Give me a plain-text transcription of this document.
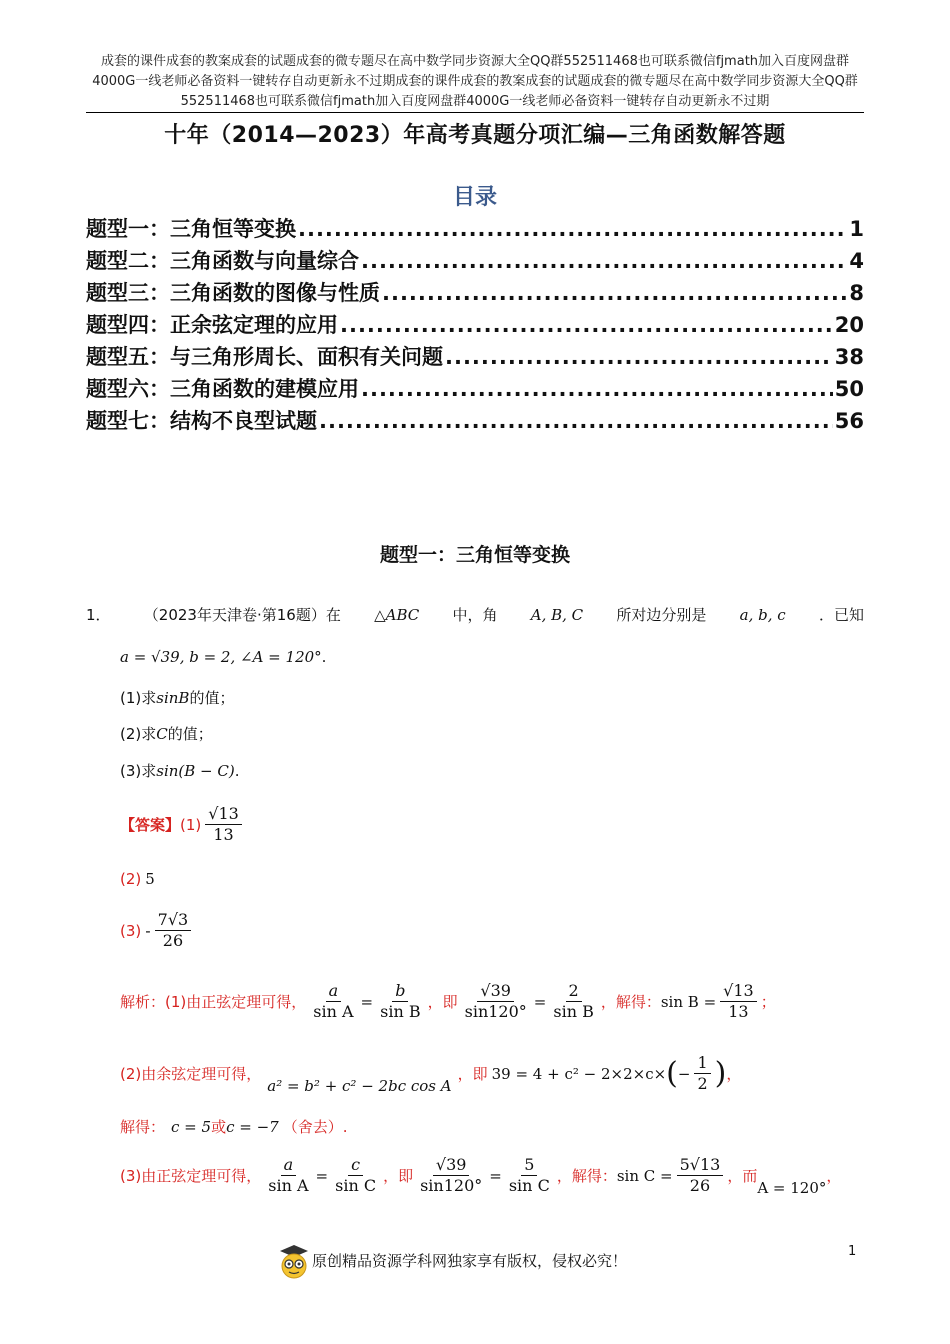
成套的课件成套的教案成套的试题成套的微专题尽在高中数学同步资源大全QQ群552511468也可联系微信fjmath加入百度网盘群4000G一线老师必备资料一键转存自动更新永不过期成套的课件成套的教案成套的试题成套的微专题尽在高中数学同步资源大全QQ群552511468也可联系微信fjmath加入百度网盘群4000G一线老师必备资料一键转存自动更新永不过期
十年（2014—2023）年高考真题分项汇编—三角函数解答题
目录
题型一：三角恒等变换 .....	1
题型二：三角函数与向量综合 .....	4
题型三：三角函数的图像与性质 .....	8
题型四：正余弦定理的应用 .....	20
题型五：与三角形周长、面积有关问题 .....	38
题型六：三角函数的建模应用 .....	50
题型七：结构不良型试题 .....	56
题型一：三角恒等变换
1． （2023年天津卷·第16题）在 △ABC 中，角 A, B, C 所对边分别是 a, b, c ．已知
a = √39, b = 2, ∠A = 120° .
(1)求 sinB 的值；
(2)求 C 的值；
(3)求 sin(B − C) .
【答案】 $(1) \frac{√13}{13}$
(2) 5
$(3) - \frac{7√3}{26}$
解析：(1)由正弦定理可得， $\frac{a}{\text{sin A}} = \frac{b}{\text{sin B}}$ ，即 $\frac{√39}{\sin 120^\circ} = \frac{2}{\text{sin B}}$ ，解得： $\sin B = \frac{√13}{13}$ ；
(2)由余弦定理可得，
a² = b² + c² − 2bc cos A
，即 39 = 4 + c² − 2×2×c× ( − $\frac{1}{2}$ ) ，
解得： c = 5 或 c = −7 （舍去）.
(3)由正弦定理可得， $\frac{a}{\text{sin A}} = \frac{c}{\text{sin C}}$ ，即 $\frac{√39}{\sin 120^\circ} = \frac{5}{\text{sin C}}$ ，解得： $\sin C = \frac{5√13}{26}$ ，而
A = 120°
，
原创精品资源学科网独家享有版权，侵权必究！
1
